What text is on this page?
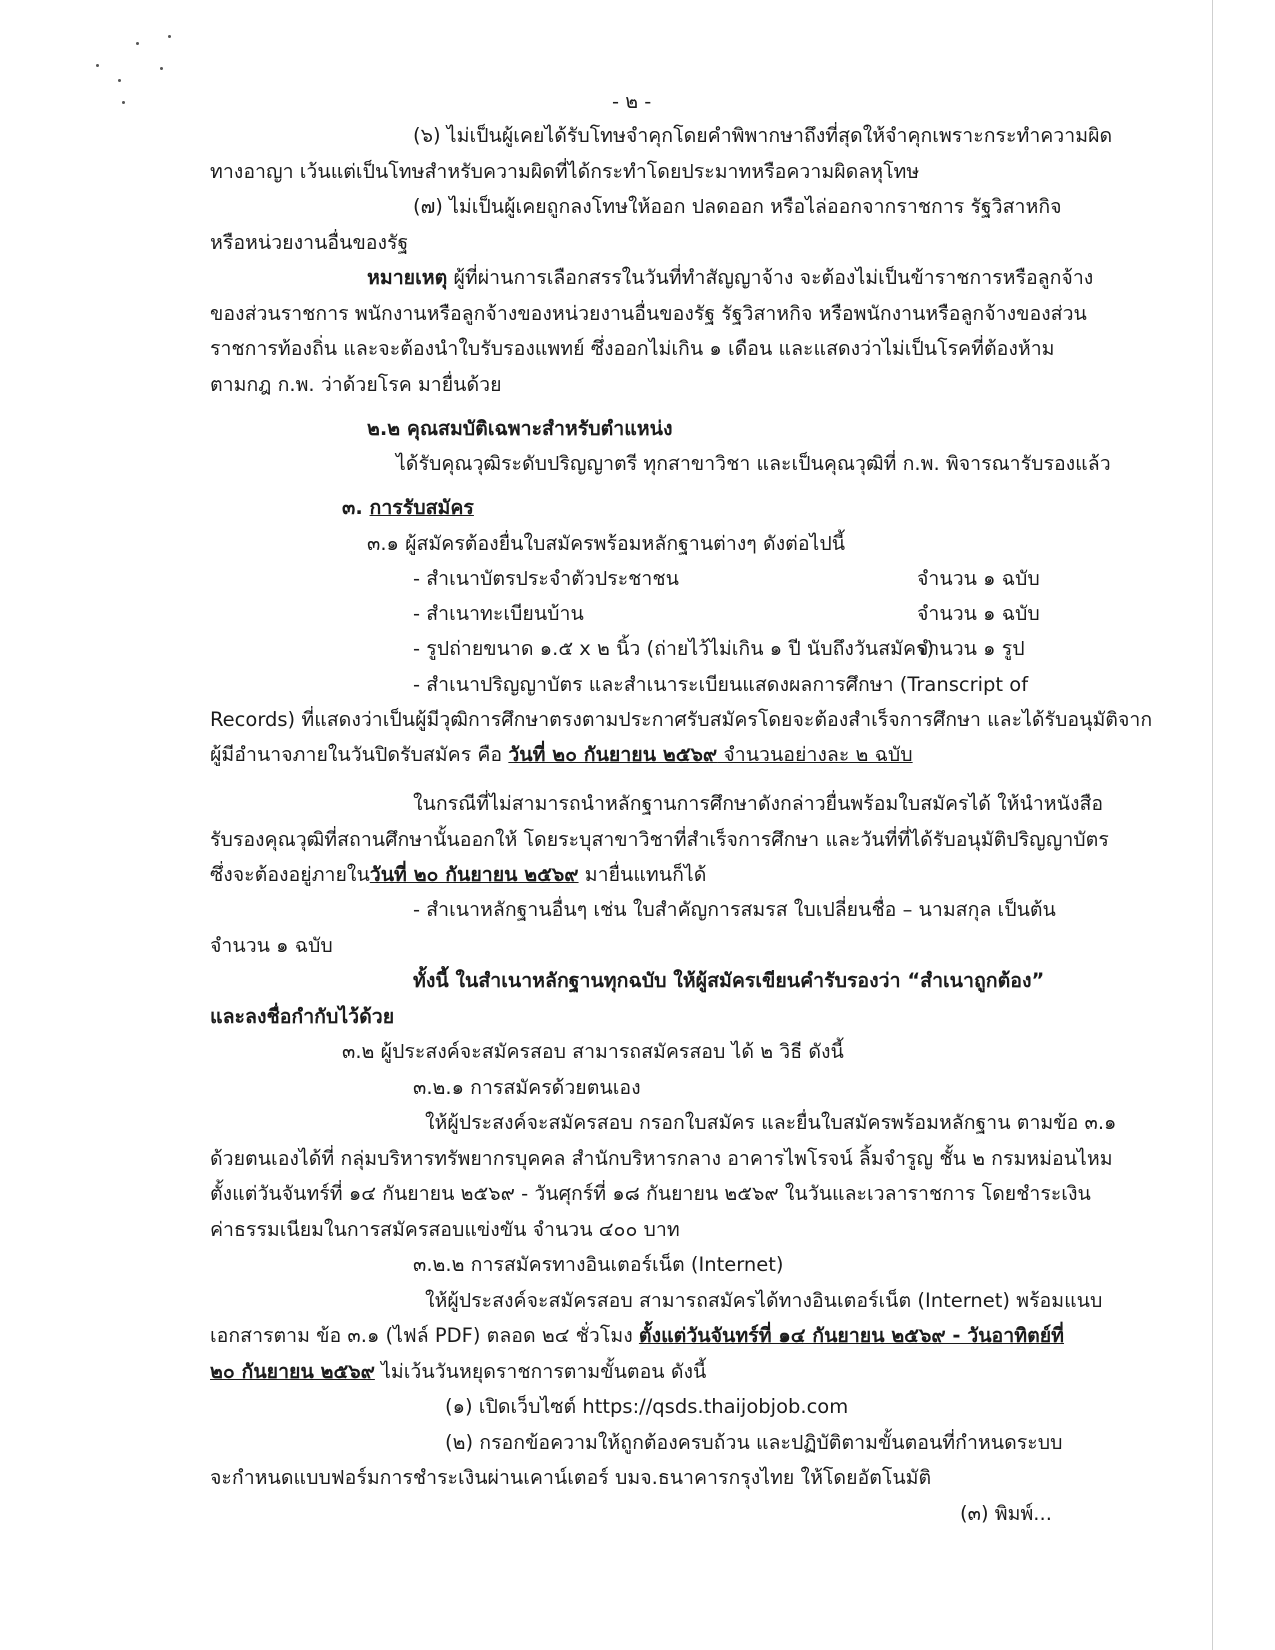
- ๒ -
(๖) ไม่เป็นผู้เคยได้รับโทษจำคุกโดยคำพิพากษาถึงที่สุดให้จำคุกเพราะกระทำความผิด
ทางอาญา เว้นแต่เป็นโทษสำหรับความผิดที่ได้กระทำโดยประมาทหรือความผิดลหุโทษ
(๗) ไม่เป็นผู้เคยถูกลงโทษให้ออก ปลดออก หรือไล่ออกจากราชการ รัฐวิสาหกิจ
หรือหน่วยงานอื่นของรัฐ
หมายเหตุ ผู้ที่ผ่านการเลือกสรรในวันที่ทำสัญญาจ้าง จะต้องไม่เป็นข้าราชการหรือลูกจ้าง
ของส่วนราชการ พนักงานหรือลูกจ้างของหน่วยงานอื่นของรัฐ รัฐวิสาหกิจ หรือพนักงานหรือลูกจ้างของส่วน
ราชการท้องถิ่น และจะต้องนำใบรับรองแพทย์ ซึ่งออกไม่เกิน ๑ เดือน และแสดงว่าไม่เป็นโรคที่ต้องห้าม
ตามกฎ ก.พ. ว่าด้วยโรค มายื่นด้วย
๒.๒ คุณสมบัติเฉพาะสำหรับตำแหน่ง
ได้รับคุณวุฒิระดับปริญญาตรี ทุกสาขาวิชา และเป็นคุณวุฒิที่ ก.พ. พิจารณารับรองแล้ว
๓. การรับสมัคร
๓.๑ ผู้สมัครต้องยื่นใบสมัครพร้อมหลักฐานต่างๆ ดังต่อไปนี้
- สำเนาบัตรประจำตัวประชาชน	จำนวน ๑ ฉบับ
- สำเนาทะเบียนบ้าน	จำนวน ๑ ฉบับ
- รูปถ่ายขนาด ๑.๕ x ๒ นิ้ว (ถ่ายไว้ไม่เกิน ๑ ปี นับถึงวันสมัคร)
จำนวน ๑ รูป
- สำเนาปริญญาบัตร และสำเนาระเบียนแสดงผลการศึกษา (Transcript of
Records) ที่แสดงว่าเป็นผู้มีวุฒิการศึกษาตรงตามประกาศรับสมัครโดยจะต้องสำเร็จการศึกษา และได้รับอนุมัติจาก
ผู้มีอำนาจภายในวันปิดรับสมัคร คือ วันที่ ๒๐ กันยายน ๒๕๖๙ จำนวนอย่างละ ๒ ฉบับ
ในกรณีที่ไม่สามารถนำหลักฐานการศึกษาดังกล่าวยื่นพร้อมใบสมัครได้ ให้นำหนังสือ
รับรองคุณวุฒิที่สถานศึกษานั้นออกให้ โดยระบุสาขาวิชาที่สำเร็จการศึกษา และวันที่ที่ได้รับอนุมัติปริญญาบัตร
ซึ่งจะต้องอยู่ภายในวันที่ ๒๐ กันยายน ๒๕๖๙ มายื่นแทนก็ได้
- สำเนาหลักฐานอื่นๆ เช่น ใบสำคัญการสมรส ใบเปลี่ยนชื่อ – นามสกุล เป็นต้น
จำนวน ๑ ฉบับ
ทั้งนี้ ในสำเนาหลักฐานทุกฉบับ ให้ผู้สมัครเขียนคำรับรองว่า “สำเนาถูกต้อง”
และลงชื่อกำกับไว้ด้วย
๓.๒ ผู้ประสงค์จะสมัครสอบ สามารถสมัครสอบ ได้ ๒ วิธี ดังนี้
๓.๒.๑ การสมัครด้วยตนเอง
ให้ผู้ประสงค์จะสมัครสอบ กรอกใบสมัคร และยื่นใบสมัครพร้อมหลักฐาน ตามข้อ ๓.๑
ด้วยตนเองได้ที่ กลุ่มบริหารทรัพยากรบุคคล สำนักบริหารกลาง อาคารไพโรจน์ ลิ้มจำรูญ ชั้น ๒ กรมหม่อนไหม
ตั้งแต่วันจันทร์ที่ ๑๔ กันยายน ๒๕๖๙ - วันศุกร์ที่ ๑๘ กันยายน ๒๕๖๙ ในวันและเวลาราชการ โดยชำระเงิน
ค่าธรรมเนียมในการสมัครสอบแข่งขัน จำนวน ๔๐๐ บาท
๓.๒.๒ การสมัครทางอินเตอร์เน็ต (Internet)
ให้ผู้ประสงค์จะสมัครสอบ สามารถสมัครได้ทางอินเตอร์เน็ต (Internet) พร้อมแนบ
เอกสารตาม ข้อ ๓.๑ (ไฟล์ PDF) ตลอด ๒๔ ชั่วโมง ตั้งแต่วันจันทร์ที่ ๑๔ กันยายน ๒๕๖๙ - วันอาทิตย์ที่
๒๐ กันยายน ๒๕๖๙ ไม่เว้นวันหยุดราชการตามขั้นตอน ดังนี้
(๑) เปิดเว็บไซต์ https://qsds.thaijobjob.com
(๒) กรอกข้อความให้ถูกต้องครบถ้วน และปฏิบัติตามขั้นตอนที่กำหนดระบบ
จะกำหนดแบบฟอร์มการชำระเงินผ่านเคาน์เตอร์ บมจ.ธนาคารกรุงไทย ให้โดยอัตโนมัติ
(๓) พิมพ์...
